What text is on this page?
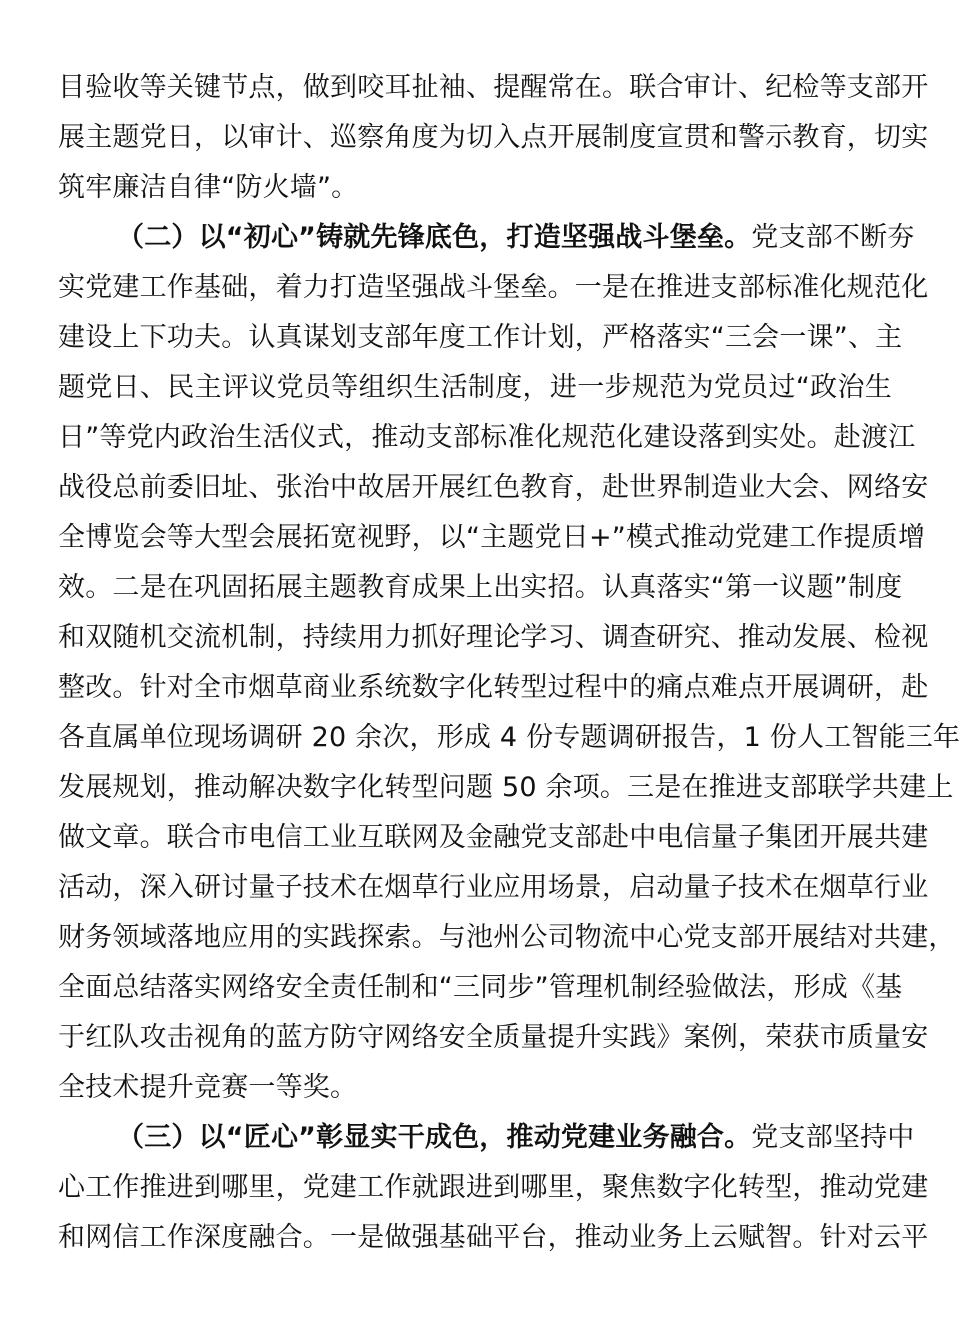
目验收等关键节点，做到咬耳扯袖、提醒常在。联合审计、纪检等支部开
展主题党日，以审计、巡察角度为切入点开展制度宣贯和警示教育，切实
筑牢廉洁自律“防火墙”。
（二）以“初心”铸就先锋底色，打造坚强战斗堡垒。党支部不断夯
实党建工作基础，着力打造坚强战斗堡垒。一是在推进支部标准化规范化
建设上下功夫。认真谋划支部年度工作计划，严格落实“三会一课”、主
题党日、民主评议党员等组织生活制度，进一步规范为党员过“政治生
日”等党内政治生活仪式，推动支部标准化规范化建设落到实处。赴渡江
战役总前委旧址、张治中故居开展红色教育，赴世界制造业大会、网络安
全博览会等大型会展拓宽视野，以“主题党日+”模式推动党建工作提质增
效。二是在巩固拓展主题教育成果上出实招。认真落实“第一议题”制度
和双随机交流机制，持续用力抓好理论学习、调查研究、推动发展、检视
整改。针对全市烟草商业系统数字化转型过程中的痛点难点开展调研，赴
各直属单位现场调研 20 余次，形成 4 份专题调研报告，1 份人工智能三年
发展规划，推动解决数字化转型问题 50 余项。三是在推进支部联学共建上
做文章。联合市电信工业互联网及金融党支部赴中电信量子集团开展共建
活动，深入研讨量子技术在烟草行业应用场景，启动量子技术在烟草行业
财务领域落地应用的实践探索。与池州公司物流中心党支部开展结对共建，
全面总结落实网络安全责任制和“三同步”管理机制经验做法，形成《基
于红队攻击视角的蓝方防守网络安全质量提升实践》案例，荣获市质量安
全技术提升竞赛一等奖。
（三）以“匠心”彰显实干成色，推动党建业务融合。党支部坚持中
心工作推进到哪里，党建工作就跟进到哪里，聚焦数字化转型，推动党建
和网信工作深度融合。一是做强基础平台，推动业务上云赋智。针对云平
